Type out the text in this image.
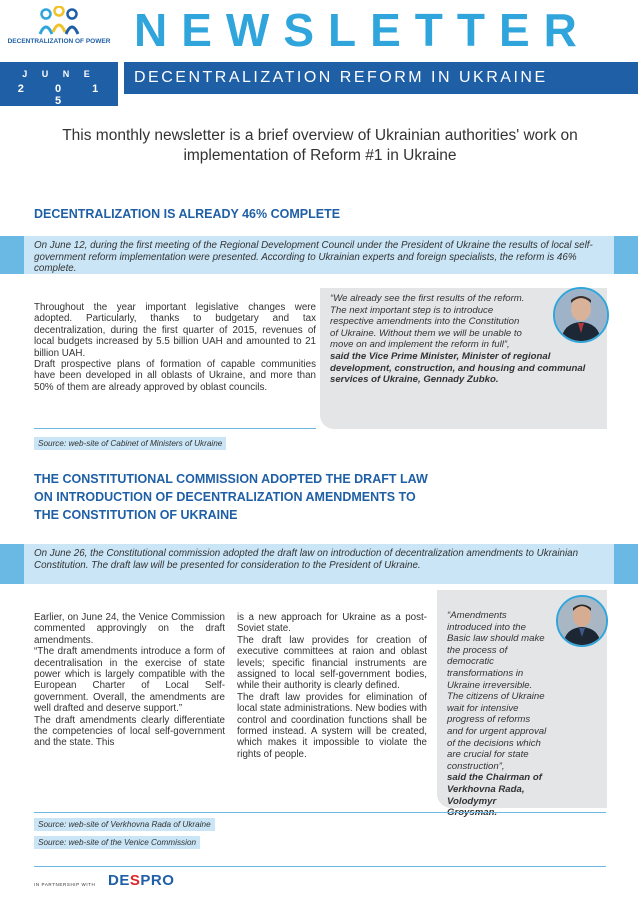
DECENTRALIZATION OF POWER
J U N E
2 0 1 5
NEWSLETTER
DECENTRALIZATION REFORM IN UKRAINE
This monthly newsletter is a brief overview of Ukrainian authorities' work on implementation of Reform #1 in Ukraine
DECENTRALIZATION IS ALREADY 46% COMPLETE
On June 12, during the first meeting of the Regional Development Council under the President of Ukraine the results of local self-government reform implementation were presented. According to Ukrainian experts and foreign specialists, the reform is 46% complete.

Throughout the year important legislative changes were adopted. Particularly, thanks to budgetary and tax decentralization, during the first quarter of 2015, revenues of local budgets increased by 5.5 billion UAH and amounted to 21 billion UAH.

Draft prospective plans of formation of capable communities have been developed in all oblasts of Ukraine, and more than 50% of them are already approved by oblast councils.

“We already see the first results of the reform. The next important step is to introduce respective amendments into the Constitution of Ukraine. Without them we will be unable to move on and implement the reform in full”,
said the Vice Prime Minister, Minister of regional development, construction, and housing and communal services of Ukraine, Gennady Zubko.
Source: web-site of Cabinet of Ministers of Ukraine
THE CONSTITUTIONAL COMMISSION ADOPTED THE DRAFT LAW
ON INTRODUCTION OF DECENTRALIZATION AMENDMENTS TO
THE CONSTITUTION OF UKRAINE
On June 26, the Constitutional commission adopted the draft law on introduction of decentralization amendments to Ukrainian Constitution. The draft law will be presented for consideration to the President of Ukraine.

Earlier, on June 24, the Venice Commission commented approvingly on the draft amendments.

“The draft amendments introduce a form of decentralisation in the exercise of state power which is largely compatible with the European Charter of Local Self-government. Overall, the amendments are well drafted and deserve support.”

The draft amendments clearly differentiate the competencies of local self-government and the state. This

is a new approach for Ukraine as a post-Soviet state.

The draft law provides for creation of executive committees at raion and oblast levels; specific financial instruments are assigned to local self-government bodies, while their authority is clearly defined.

The draft law provides for elimination of local state administrations. New bodies with control and coordination functions shall be formed instead. A system will be created, which makes it impossible to violate the rights of people.

“Amendments introduced into the Basic law should make the process of democratic transformations in Ukraine irreversible. The citizens of Ukraine wait for intensive progress of reforms and for urgent approval of the decisions which are crucial for state construction”,
said the Chairman of Verkhovna Rada, Volodymyr
Source: web-site of Verkhovna Rada of Ukraine
Source: web-site of the Venice Commission
IN PARTNERSHIP WITH DESPRO
